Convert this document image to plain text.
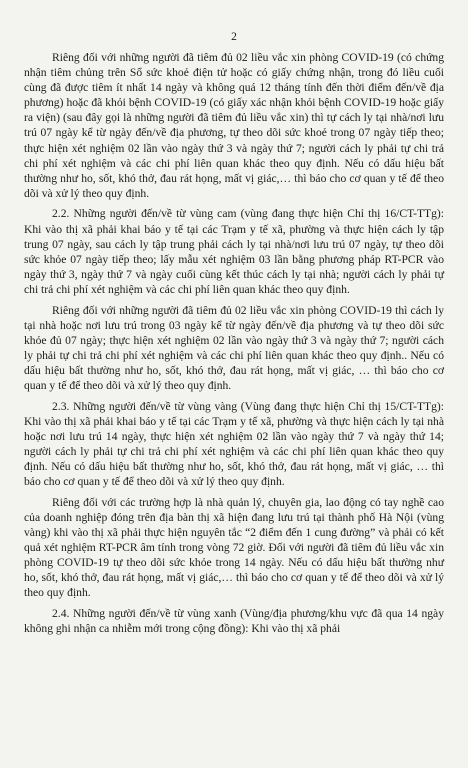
2

Riêng đối với những người đã tiêm đủ 02 liều vắc xin phòng COVID-19 (có chứng nhận tiêm chủng trên Sổ sức khoẻ điện tử hoặc có giấy chứng nhận, trong đó liều cuối cùng đã được tiêm ít nhất 14 ngày và không quá 12 tháng tính đến thời điểm đến/về địa phương) hoặc đã khỏi bệnh COVID-19 (có giấy xác nhận khỏi bệnh COVID-19 hoặc giấy ra viện) (sau đây gọi là những người đã tiêm đủ liều vắc xin) thì tự cách ly tại nhà/nơi lưu trú 07 ngày kể từ ngày đến/về địa phương, tự theo dõi sức khoẻ trong 07 ngày tiếp theo; thực hiện xét nghiệm 02 lần vào ngày thứ 3 và ngày thứ 7; người cách ly phải tự chi trả chi phí xét nghiệm và các chi phí liên quan khác theo quy định. Nếu có dấu hiệu bất thường như ho, sốt, khó thở, đau rát họng, mất vị giác,… thì báo cho cơ quan y tế để theo dõi và xử lý theo quy định.

2.2. Những người đến/về từ vùng cam (vùng đang thực hiện Chỉ thị 16/CT-TTg): Khi vào thị xã phải khai báo y tế tại các Trạm y tế xã, phường và thực hiện cách ly tập trung 07 ngày, sau cách ly tập trung phải cách ly tại nhà/nơi lưu trú 07 ngày, tự theo dõi sức khỏe 07 ngày tiếp theo; lấy mẫu xét nghiệm 03 lần bằng phương pháp RT-PCR vào ngày thứ 3, ngày thứ 7 và ngày cuối cùng kết thúc cách ly tại nhà; người cách ly phải tự chi trả chi phí xét nghiệm và các chi phí liên quan khác theo quy định.

Riêng đối với những người đã tiêm đủ 02 liều vắc xin phòng COVID-19 thì cách ly tại nhà hoặc nơi lưu trú trong 03 ngày kể từ ngày đến/về địa phương và tự theo dõi sức khỏe đủ 07 ngày; thực hiện xét nghiệm 02 lần vào ngày thứ 3 và ngày thứ 7; người cách ly phải tự chi trả chi phí xét nghiệm và các chi phí liên quan khác theo quy định.. Nếu có dấu hiệu bất thường như ho, sốt, khó thở, đau rát họng, mất vị giác, … thì báo cho cơ quan y tế để theo dõi và xử lý theo quy định.

2.3. Những người đến/về từ vùng vàng (Vùng đang thực hiện Chỉ thị 15/CT-TTg): Khi vào thị xã phải khai báo y tế tại các Trạm y tế xã, phường và thực hiện cách ly tại nhà hoặc nơi lưu trú 14 ngày, thực hiện xét nghiệm 02 lần vào ngày thứ 7 và ngày thứ 14; người cách ly phải tự chi trả chi phí xét nghiệm và các chi phí liên quan khác theo quy định. Nếu có dấu hiệu bất thường như ho, sốt, khó thở, đau rát họng, mất vị giác, … thì báo cho cơ quan y tế để theo dõi và xử lý theo quy định.

Riêng đối với các trường hợp là nhà quản lý, chuyên gia, lao động có tay nghề cao của doanh nghiệp đóng trên địa bàn thị xã hiện đang lưu trú tại thành phố Hà Nội (vùng vàng) khi vào thị xã phải thực hiện nguyên tắc “2 điểm đến 1 cung đường” và phải có kết quả xét nghiệm RT-PCR âm tính trong vòng 72 giờ. Đối với người đã tiêm đủ liều vắc xin phòng COVID-19 tự theo dõi sức khỏe trong 14 ngày. Nếu có dấu hiệu bất thường như ho, sốt, khó thở, đau rát họng, mất vị giác,… thì báo cho cơ quan y tế để theo dõi và xử lý theo quy định.

2.4. Những người đến/về từ vùng xanh (Vùng/địa phương/khu vực đã qua 14 ngày không ghi nhận ca nhiễm mới trong cộng đồng): Khi vào thị xã phải
